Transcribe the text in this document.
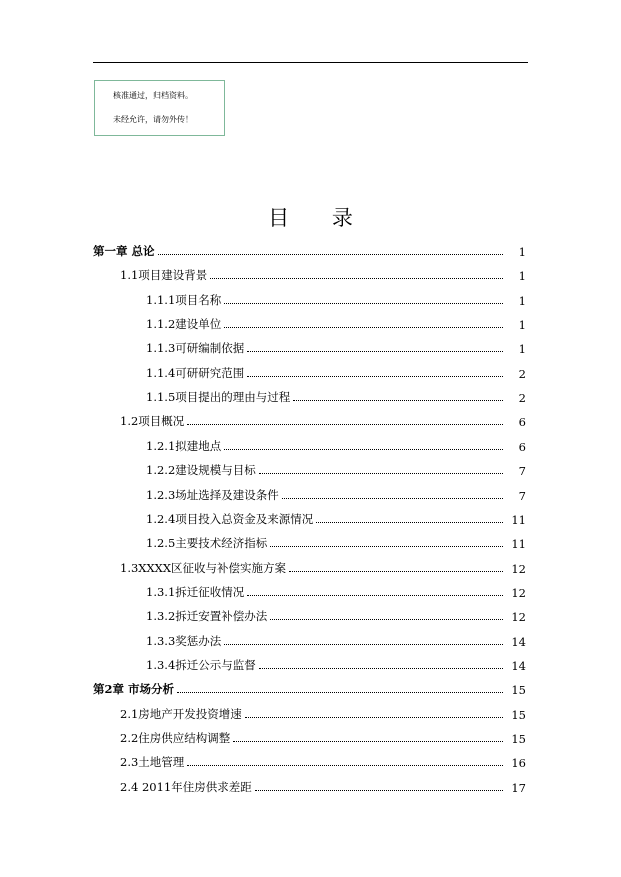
核准通过，归档资料。
未经允许，请勿外传！
目 录
第一章 总论	1
1.1项目建设背景	1
1.1.1项目名称	1
1.1.2建设单位	1
1.1.3可研编制依据	1
1.1.4可研研究范围	2
1.1.5项目提出的理由与过程	2
1.2项目概况	6
1.2.1拟建地点	6
1.2.2建设规模与目标	7
1.2.3场址选择及建设条件	7
1.2.4项目投入总资金及来源情况	11
1.2.5主要技术经济指标	11
1.3XXXX区征收与补偿实施方案	12
1.3.1拆迁征收情况	12
1.3.2拆迁安置补偿办法	12
1.3.3奖惩办法	14
1.3.4拆迁公示与监督	14
第2章 市场分析	15
2.1房地产开发投资增速	15
2.2住房供应结构调整	15
2.3土地管理	16
2.4 2011年住房供求差距	17
